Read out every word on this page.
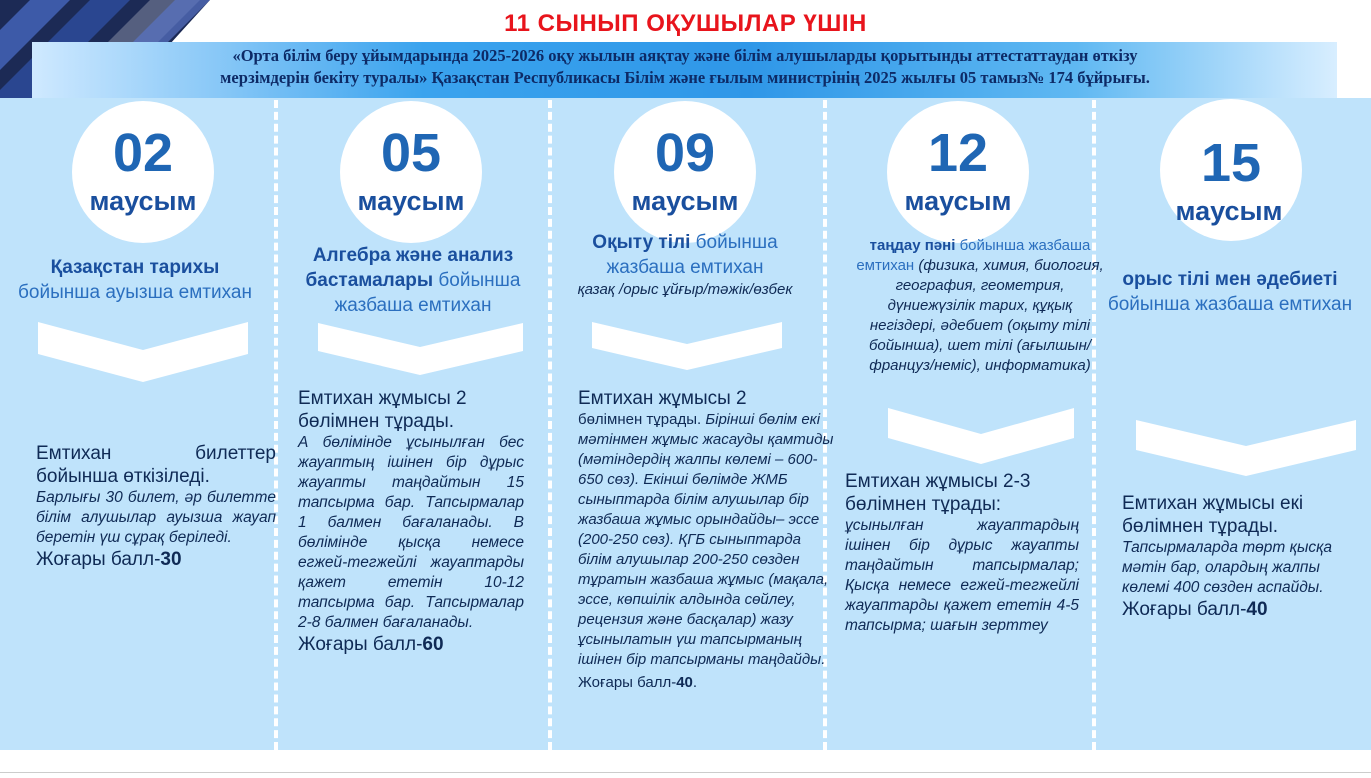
11 СЫНЫП ОҚУШЫЛАР ҮШІН
«Орта білім беру ұйымдарында 2025-2026 оқу жылын аяқтау және білім алушыларды қорытынды аттестаттаудан өткізу
мерзімдерін бекіту туралы» Қазақстан Республикасы Білім және ғылым министрінің 2025 жылғы 05 тамыз№ 174 бұйрығы.
02
маусым
Қазақстан тарихы
бойынша ауызша емтихан
Емтихан билеттер бойынша өткізіледі.
Барлығы 30 билет, әр билетте білім алушылар ауызша жауап беретін үш сұрақ беріледі.
Жоғары балл-30
05
маусым
Алгебра және анализ бастамалары бойынша жазбаша емтихан
Емтихан жұмысы 2 бөлімнен тұрады.
А бөлімінде ұсынылған бес жауаптың ішінен бір дұрыс жауапты таңдайтын 15 тапсырма бар. Тапсырмалар 1 балмен бағаланады. В бөлімінде қысқа немесе егжей-тегжейлі жауаптарды қажет ететін 10-12 тапсырма бар. Тапсырмалар 2-8 балмен бағаланады.
Жоғары балл-60
09
маусым
Оқыту тілі бойынша жазбаша емтихан

қазақ /орыс ұйғыр/тәжік/өзбек
Емтихан жұмысы 2
бөлімнен тұрады. Бірінші бөлім екі мәтінмен жұмыс жасауды қамтиды (мәтіндердің жалпы көлемі – 600-650 сөз). Екінші бөлімде ЖМБ сыныптарда білім алушылар бір жазбаша жұмыс орындайды– эссе (200-250 сөз). ҚГБ сыныптарда білім алушылар 200-250 сөзден тұратын жазбаша жұмыс (мақала, эссе, көпшілік алдында сөйлеу, рецензия және басқалар) жазу ұсынылатын үш тапсырманың ішінен бір тапсырманы таңдайды.
Жоғары балл-40.
12
маусым
таңдау пәні бойынша жазбаша емтихан (физика, химия, биология, география, геометрия, дүниежүзілік тарих, құқық негіздері, әдебиет (оқыту тілі бойынша), шет тілі (ағылшын/француз/неміс), информатика)
Емтихан жұмысы 2-3 бөлімнен тұрады:
ұсынылған жауаптардың ішінен бір дұрыс жауапты таңдайтын тапсырмалар; Қысқа немесе егжей-тегжейлі жауаптарды қажет ететін 4-5 тапсырма; шағын зерттеу
15
маусым
орыс тілі мен әдебиеті
бойынша жазбаша емтихан
Емтихан жұмысы екі бөлімнен тұрады.
Тапсырмаларда төрт қысқа мәтін бар, олардың жалпы көлемі 400 сөзден аспайды.
Жоғары балл-40
